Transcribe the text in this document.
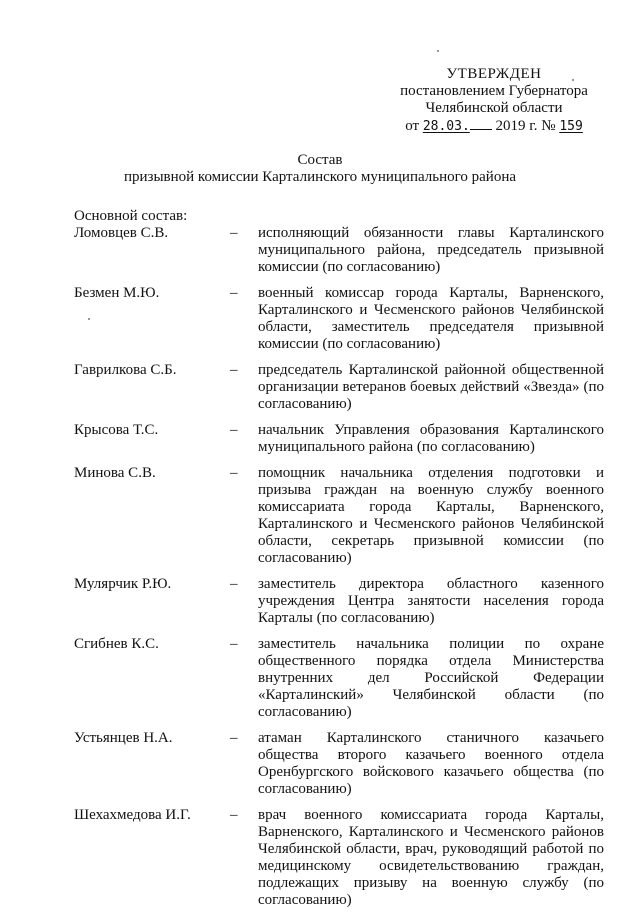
УТВЕРЖДЕН
постановлением Губернатора
Челябинской области
от 28.03. 2019 г. № 159
Состав
призывной комиссии Карталинского муниципального района
Основной состав:
Ломовцев С.В.	–	исполняющий обязанности главы Карталинского муниципального района, председатель призывной комиссии (по согласованию)
Безмен М.Ю.	–	военный комиссар города Карталы, Варненского, Карталинского и Чесменского районов Челябинской области, заместитель председателя призывной комиссии (по согласованию)
Гаврилкова С.Б.	–	председатель Карталинской районной общественной организации ветеранов боевых действий «Звезда» (по согласованию)
Крысова Т.С.	–	начальник Управления образования Карталинского муниципального района (по согласованию)
Минова С.В.	–	помощник начальника отделения подготовки и призыва граждан на военную службу военного комиссариата города Карталы, Варненского, Карталинского и Чесменского районов Челябинской области, секретарь призывной комиссии (по согласованию)
Мулярчик Р.Ю.	–	заместитель директора областного казенного учреждения Центра занятости населения города Карталы (по согласованию)
Сгибнев К.С.	–	заместитель начальника полиции по охране общественного порядка отдела Министерства внутренних дел Российской Федерации «Карталинский» Челябинской области (по согласованию)
Устьянцев Н.А.	–	атаман Карталинского станичного казачьего общества второго казачьего военного отдела Оренбургского войскового казачьего общества (по согласованию)
Шехахмедова И.Г.	–	врач военного комиссариата города Карталы, Варненского, Карталинского и Чесменского районов Челябинской области, врач, руководящий работой по медицинскому освидетельствованию граждан, подлежащих призыву на военную службу (по согласованию)
